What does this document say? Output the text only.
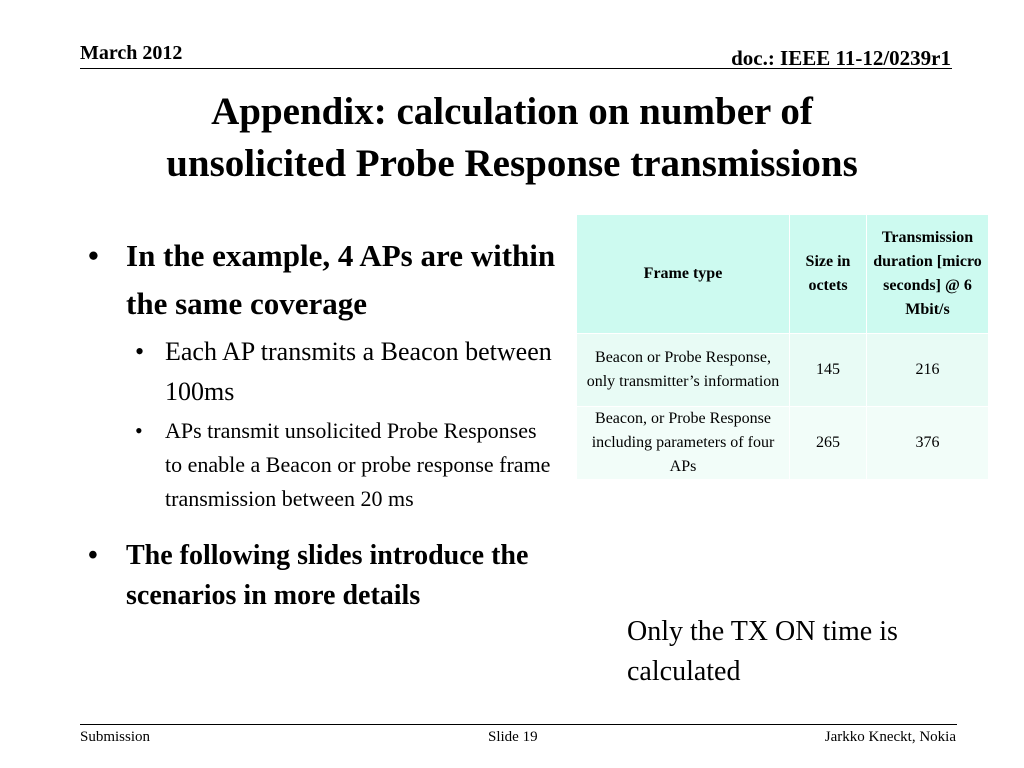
March 2012	doc.: IEEE 11-12/0239r1
Appendix: calculation on number of
unsolicited Probe Response transmissions
• In the example, 4 APs are within the same coverage
• Each AP transmits a Beacon between 100ms
• APs transmit unsolicited Probe Responses to enable a Beacon or probe response frame transmission between 20 ms
• The following slides introduce the scenarios in more details
Frame type	Size in octets	Transmission duration [micro seconds] @ 6 Mbit/s
Beacon or Probe Response, only transmitter’s information	145	216
Beacon, or Probe Response including parameters of four APs	265	376
Only the TX ON time is calculated
Submission	Slide 19	Jarkko Kneckt, Nokia
